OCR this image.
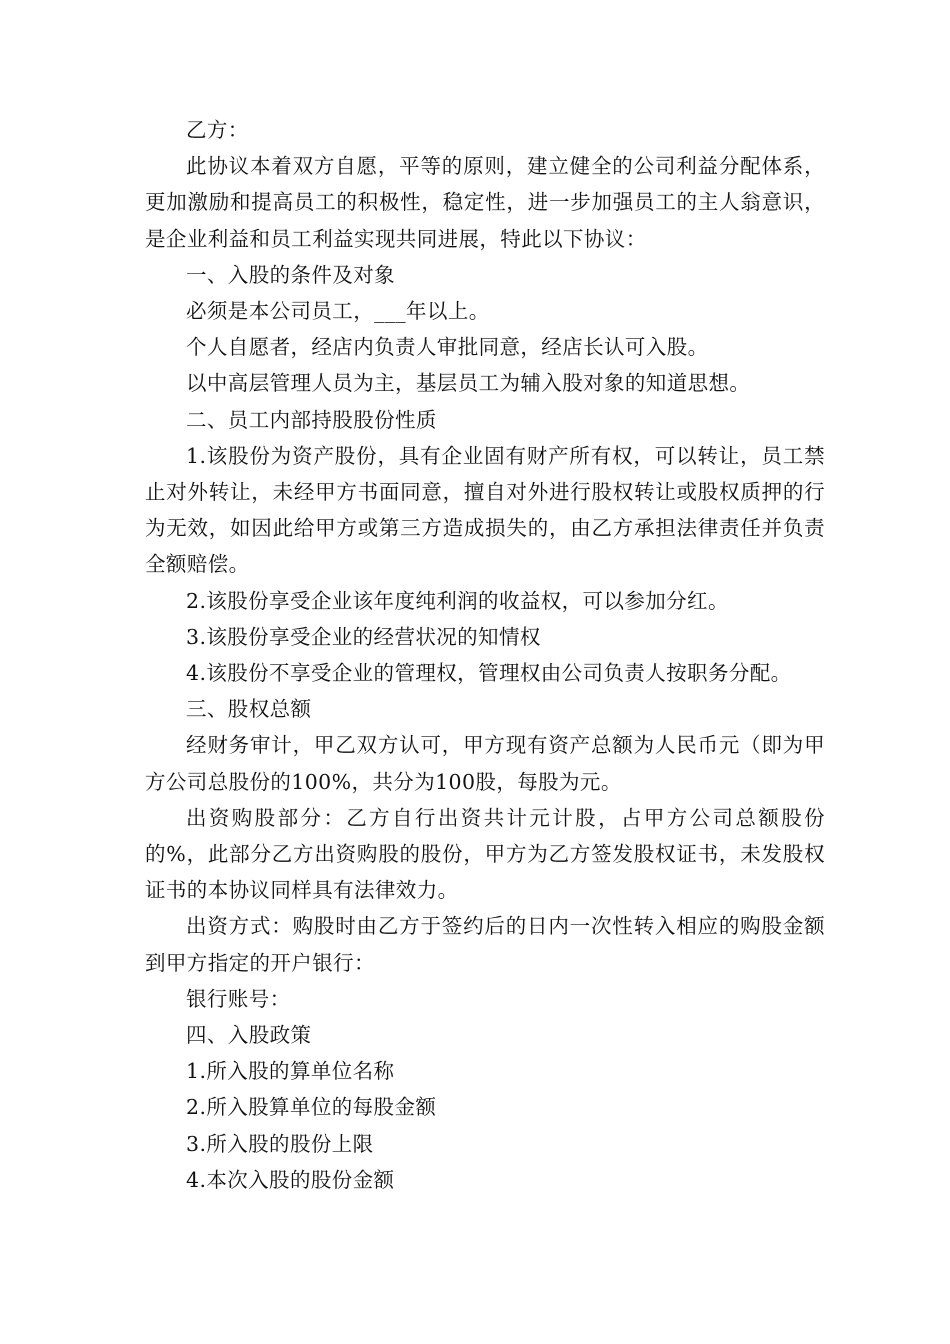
乙方：

此协议本着双方自愿，平等的原则，建立健全的公司利益分配体系，更加激励和提高员工的积极性，稳定性，进一步加强员工的主人翁意识，是企业利益和员工利益实现共同进展，特此以下协议：

一、入股的条件及对象

必须是本公司员工，___年以上。

个人自愿者，经店内负责人审批同意，经店长认可入股。

以中高层管理人员为主，基层员工为辅入股对象的知道思想。

二、员工内部持股股份性质

1.该股份为资产股份，具有企业固有财产所有权，可以转让，员工禁止对外转让，未经甲方书面同意，擅自对外进行股权转让或股权质押的行为无效，如因此给甲方或第三方造成损失的，由乙方承担法律责任并负责全额赔偿。

2.该股份享受企业该年度纯利润的收益权，可以参加分红。

3.该股份享受企业的经营状况的知情权

4.该股份不享受企业的管理权，管理权由公司负责人按职务分配。

三、股权总额

经财务审计，甲乙双方认可，甲方现有资产总额为人民币元（即为甲方公司总股份的100%，共分为100股，每股为元。

出资购股部分：乙方自行出资共计元计股，占甲方公司总额股份的%，此部分乙方出资购股的股份，甲方为乙方签发股权证书，未发股权证书的本协议同样具有法律效力。

出资方式：购股时由乙方于签约后的日内一次性转入相应的购股金额到甲方指定的开户银行：

银行账号：

四、入股政策

1.所入股的算单位名称

2.所入股算单位的每股金额

3.所入股的股份上限

4.本次入股的股份金额
